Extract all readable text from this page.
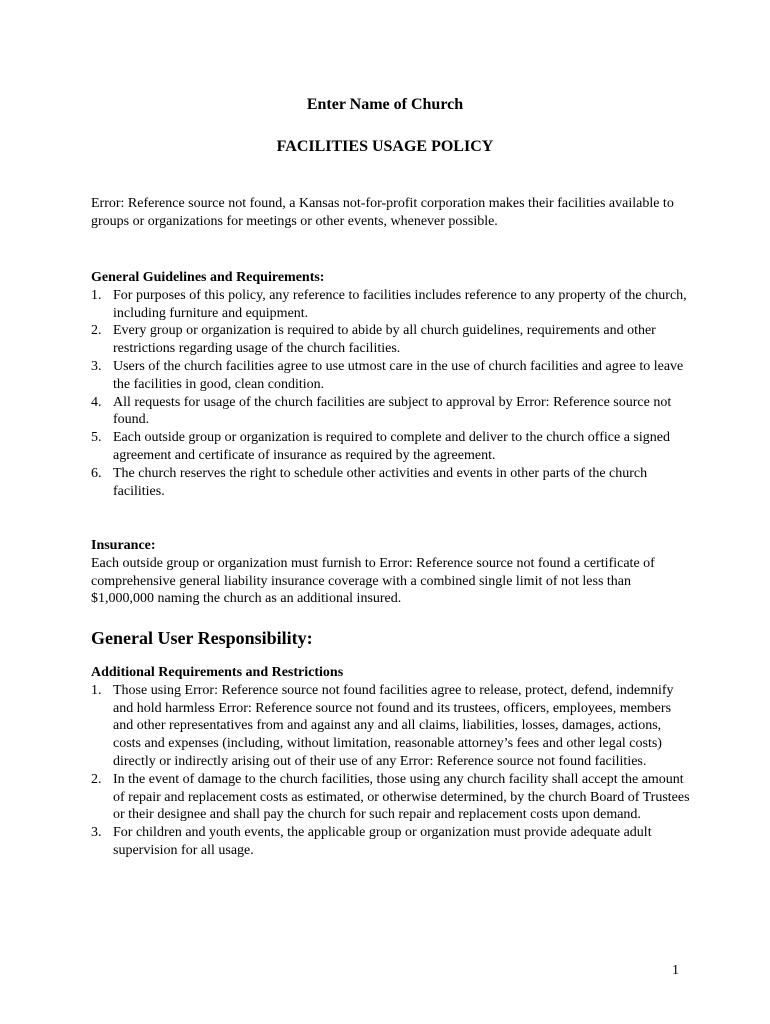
Enter Name of Church
FACILITIES USAGE POLICY

Error: Reference source not found, a Kansas not-for-profit corporation makes their facilities available to groups or organizations for meetings or other events, whenever possible.

General Guidelines and Requirements:

1. For purposes of this policy, any reference to facilities includes reference to any property of the church, including furniture and equipment.
2. Every group or organization is required to abide by all church guidelines, requirements and other restrictions regarding usage of the church facilities.
3. Users of the church facilities agree to use utmost care in the use of church facilities and agree to leave the facilities in good, clean condition.
4. All requests for usage of the church facilities are subject to approval by Error: Reference source not found.
5. Each outside group or organization is required to complete and deliver to the church office a signed agreement and certificate of insurance as required by the agreement.
6. The church reserves the right to schedule other activities and events in other parts of the church facilities.

Insurance:

Each outside group or organization must furnish to Error: Reference source not found a certificate of comprehensive general liability insurance coverage with a combined single limit of not less than $1,000,000 naming the church as an additional insured.

General User Responsibility:

Additional Requirements and Restrictions

1. Those using Error: Reference source not found facilities agree to release, protect, defend, indemnify and hold harmless Error: Reference source not found and its trustees, officers, employees, members and other representatives from and against any and all claims, liabilities, losses, damages, actions, costs and expenses (including, without limitation, reasonable attorney’s fees and other legal costs) directly or indirectly arising out of their use of any Error: Reference source not found facilities.
2. In the event of damage to the church facilities, those using any church facility shall accept the amount of repair and replacement costs as estimated, or otherwise determined, by the church Board of Trustees or their designee and shall pay the church for such repair and replacement costs upon demand.
3. For children and youth events, the applicable group or organization must provide adequate adult supervision for all usage.
1
